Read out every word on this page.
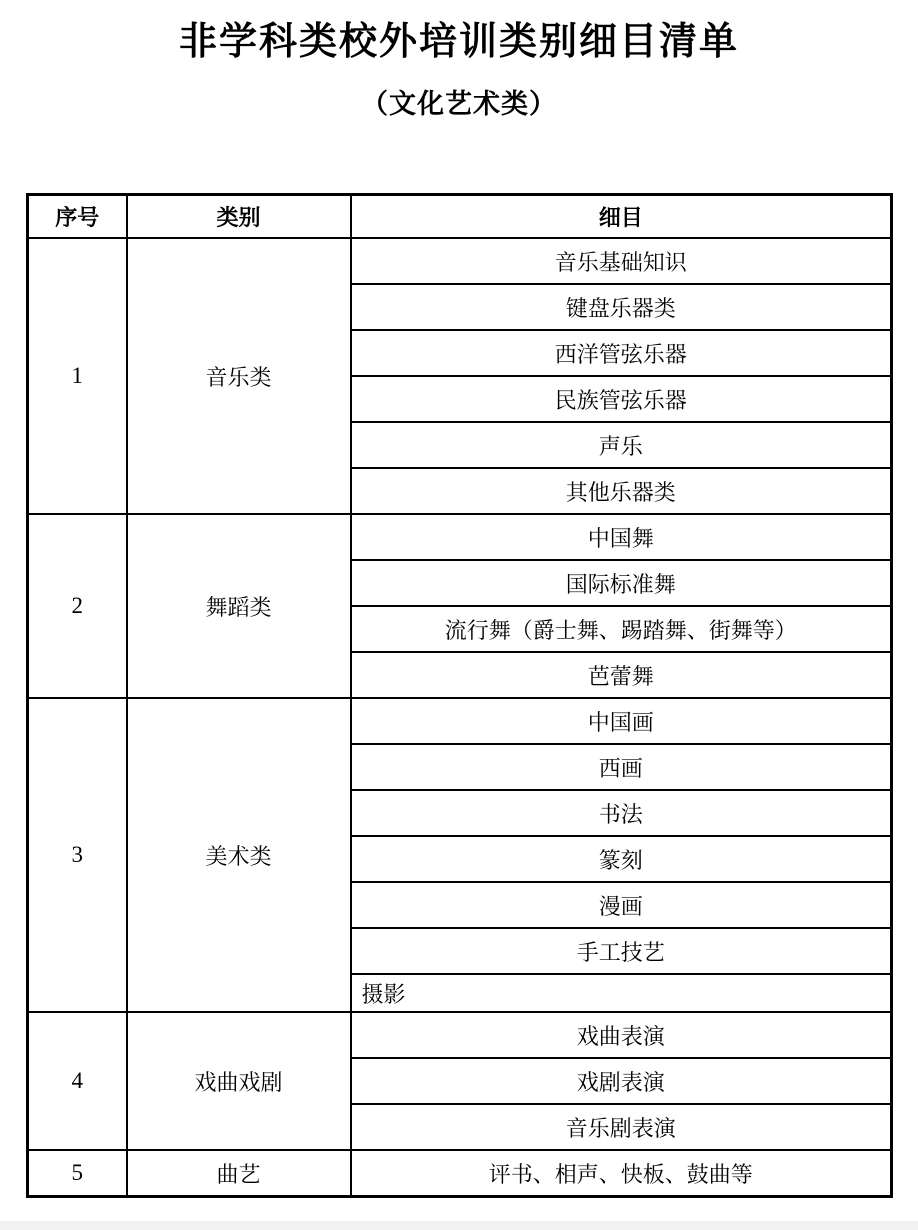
非学科类校外培训类别细目清单
（文化艺术类）
序号	类别	细目
1	音乐类	音乐基础知识
		键盘乐器类
		西洋管弦乐器
		民族管弦乐器
		声乐
		其他乐器类
2	舞蹈类	中国舞
		国际标准舞
		流行舞（爵士舞、踢踏舞、街舞等）
		芭蕾舞
3	美术类	中国画
		西画
		书法
		篆刻
		漫画
		手工技艺
		摄影
4	戏曲戏剧	戏曲表演
		戏剧表演
		音乐剧表演
5	曲艺	评书、相声、快板、鼓曲等
